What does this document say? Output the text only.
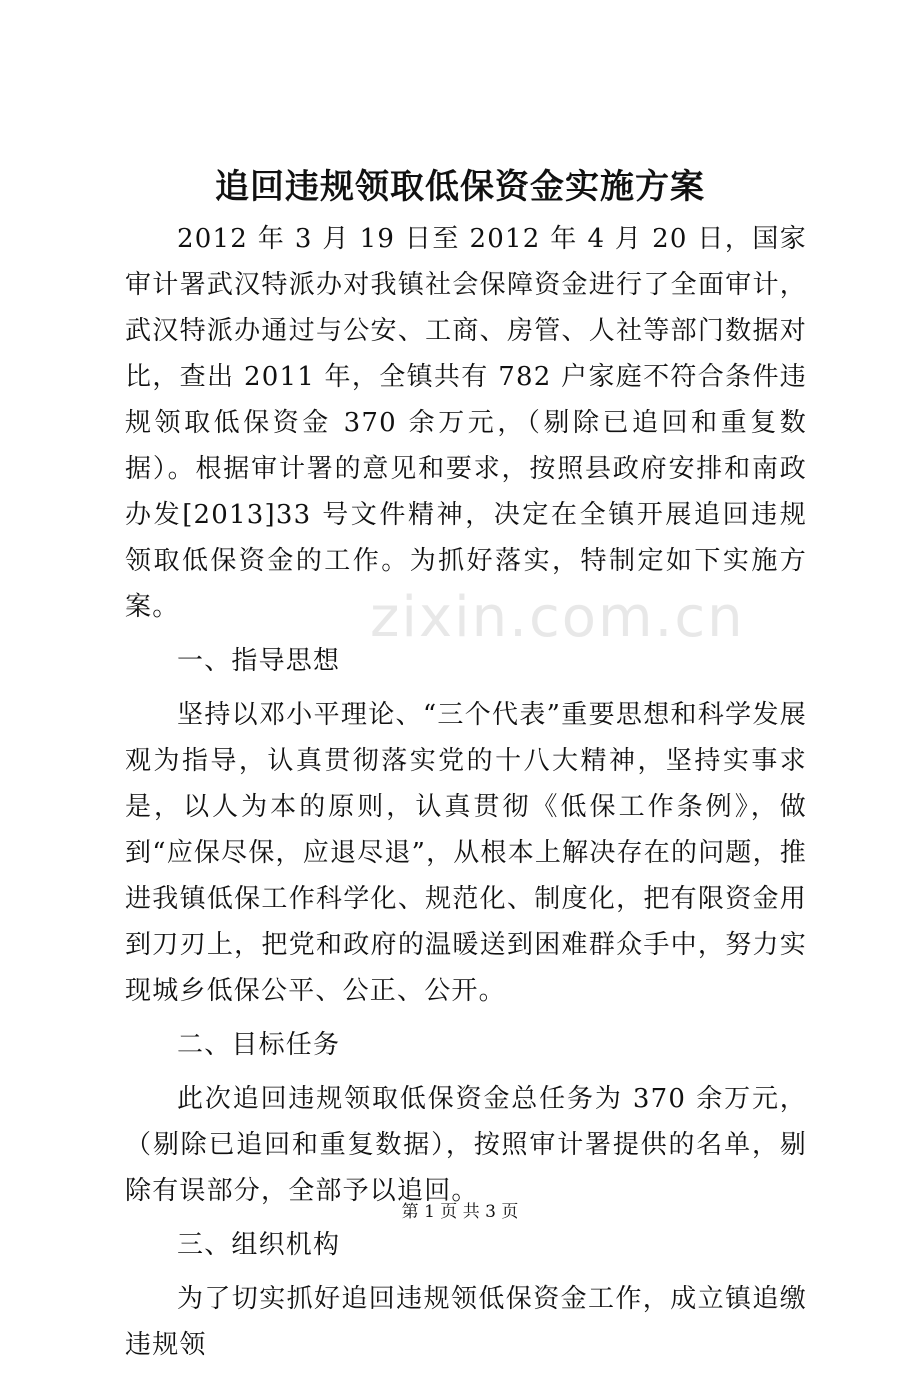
追回违规领取低保资金实施方案

2012 年 3 月 19 日至 2012 年 4 月 20 日，国家审计署武汉特派办对我镇社会保障资金进行了全面审计，武汉特派办通过与公安、工商、房管、人社等部门数据对比，查出 2011 年，全镇共有 782 户家庭不符合条件违规领取低保资金 370 余万元，（剔除已追回和重复数据）。根据审计署的意见和要求，按照县政府安排和南政办发[2013]33 号文件精神，决定在全镇开展追回违规领取低保资金的工作。为抓好落实，特制定如下实施方案。

一、指导思想

坚持以邓小平理论、“三个代表”重要思想和科学发展观为指导，认真贯彻落实党的十八大精神，坚持实事求是，以人为本的原则，认真贯彻《低保工作条例》，做到“应保尽保，应退尽退”，从根本上解决存在的问题，推进我镇低保工作科学化、规范化、制度化，把有限资金用到刀刃上，把党和政府的温暖送到困难群众手中，努力实现城乡低保公平、公正、公开。

二、目标任务

此次追回违规领取低保资金总任务为 370 余万元，（剔除已追回和重复数据），按照审计署提供的名单，剔除有误部分，全部予以追回。

三、组织机构

为了切实抓好追回违规领低保资金工作，成立镇追缴违规领

zixin.com.cn
第 1 页 共 3 页
